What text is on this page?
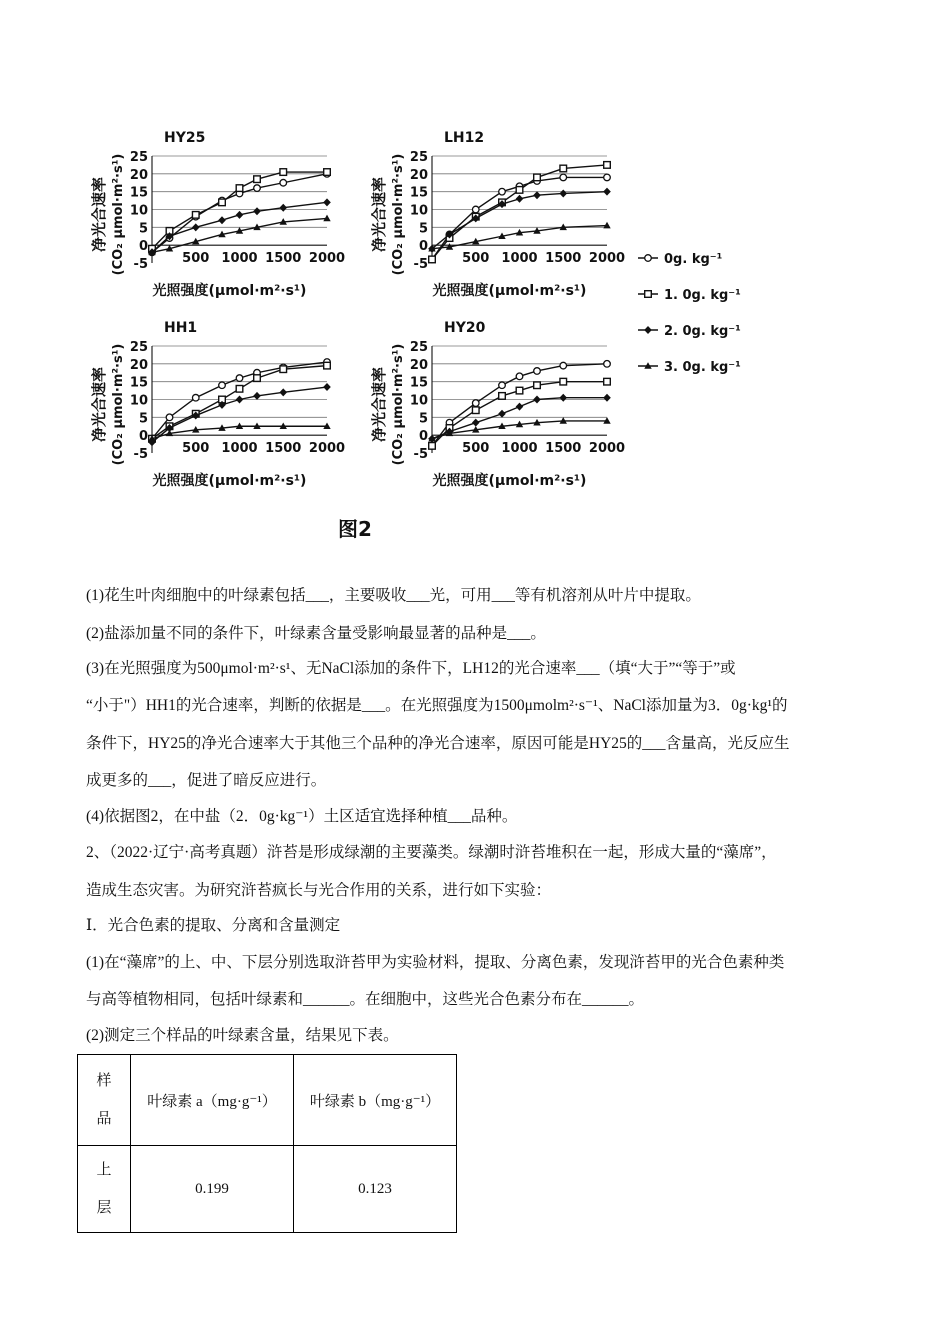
HY25
-5
0
5
10
15
20
25
500 1000 1500 2000
光照强度(μmol·m²·s¹)
净光合速率 (CO₂ μmol·m²·s¹)
LH12
-5
0
5
10
15
20
25
500 1000 1500 2000
光照强度(μmol·m²·s¹)
净光合速率 (CO₂ μmol·m²·s¹)
HH1
-5
0
5
10
15
20
25
500 1000 1500 2000
光照强度(μmol·m²·s¹)
净光合速率 (CO₂ μmol·m²·s¹)
HY20
-5
0
5
10
15
20
25
500 1000 1500 2000
光照强度(μmol·m²·s¹)
净光合速率 (CO₂ μmol·m²·s¹)
0g. kg⁻¹
1. 0g. kg⁻¹
2. 0g. kg⁻¹
3. 0g. kg⁻¹
图2
(1)花生叶肉细胞中的叶绿素包括___，主要吸收___光，可用___等有机溶剂从叶片中提取。
(2)盐添加量不同的条件下，叶绿素含量受影响最显著的品种是___。
(3)在光照强度为500μmol·m²·s¹、无NaCl添加的条件下，LH12的光合速率___（填“大于”“等于”或
“小于"）HH1的光合速率，判断的依据是___。在光照强度为1500μmolm²·s⁻¹、NaCl添加量为3．0g·kg¹的
条件下，HY25的净光合速率大于其他三个品种的净光合速率，原因可能是HY25的___含量高，光反应生
成更多的___，促进了暗反应进行。
(4)依据图2，在中盐（2．0g·kg⁻¹）土区适宜选择种植___品种。
2、（2022·辽宁·高考真题）浒苔是形成绿潮的主要藻类。绿潮时浒苔堆积在一起，形成大量的“藻席”，
造成生态灾害。为研究浒苔疯长与光合作用的关系，进行如下实验：
Ⅰ．光合色素的提取、分离和含量测定
(1)在“藻席”的上、中、下层分别选取浒苔甲为实验材料，提取、分离色素，发现浒苔甲的光合色素种类
与高等植物相同，包括叶绿素和______。在细胞中，这些光合色素分布在______。
(2)测定三个样品的叶绿素含量，结果见下表。
样
品	叶绿素 a（mg·g⁻¹）	叶绿素 b（mg·g⁻¹）

上
层	0.199	0.123
